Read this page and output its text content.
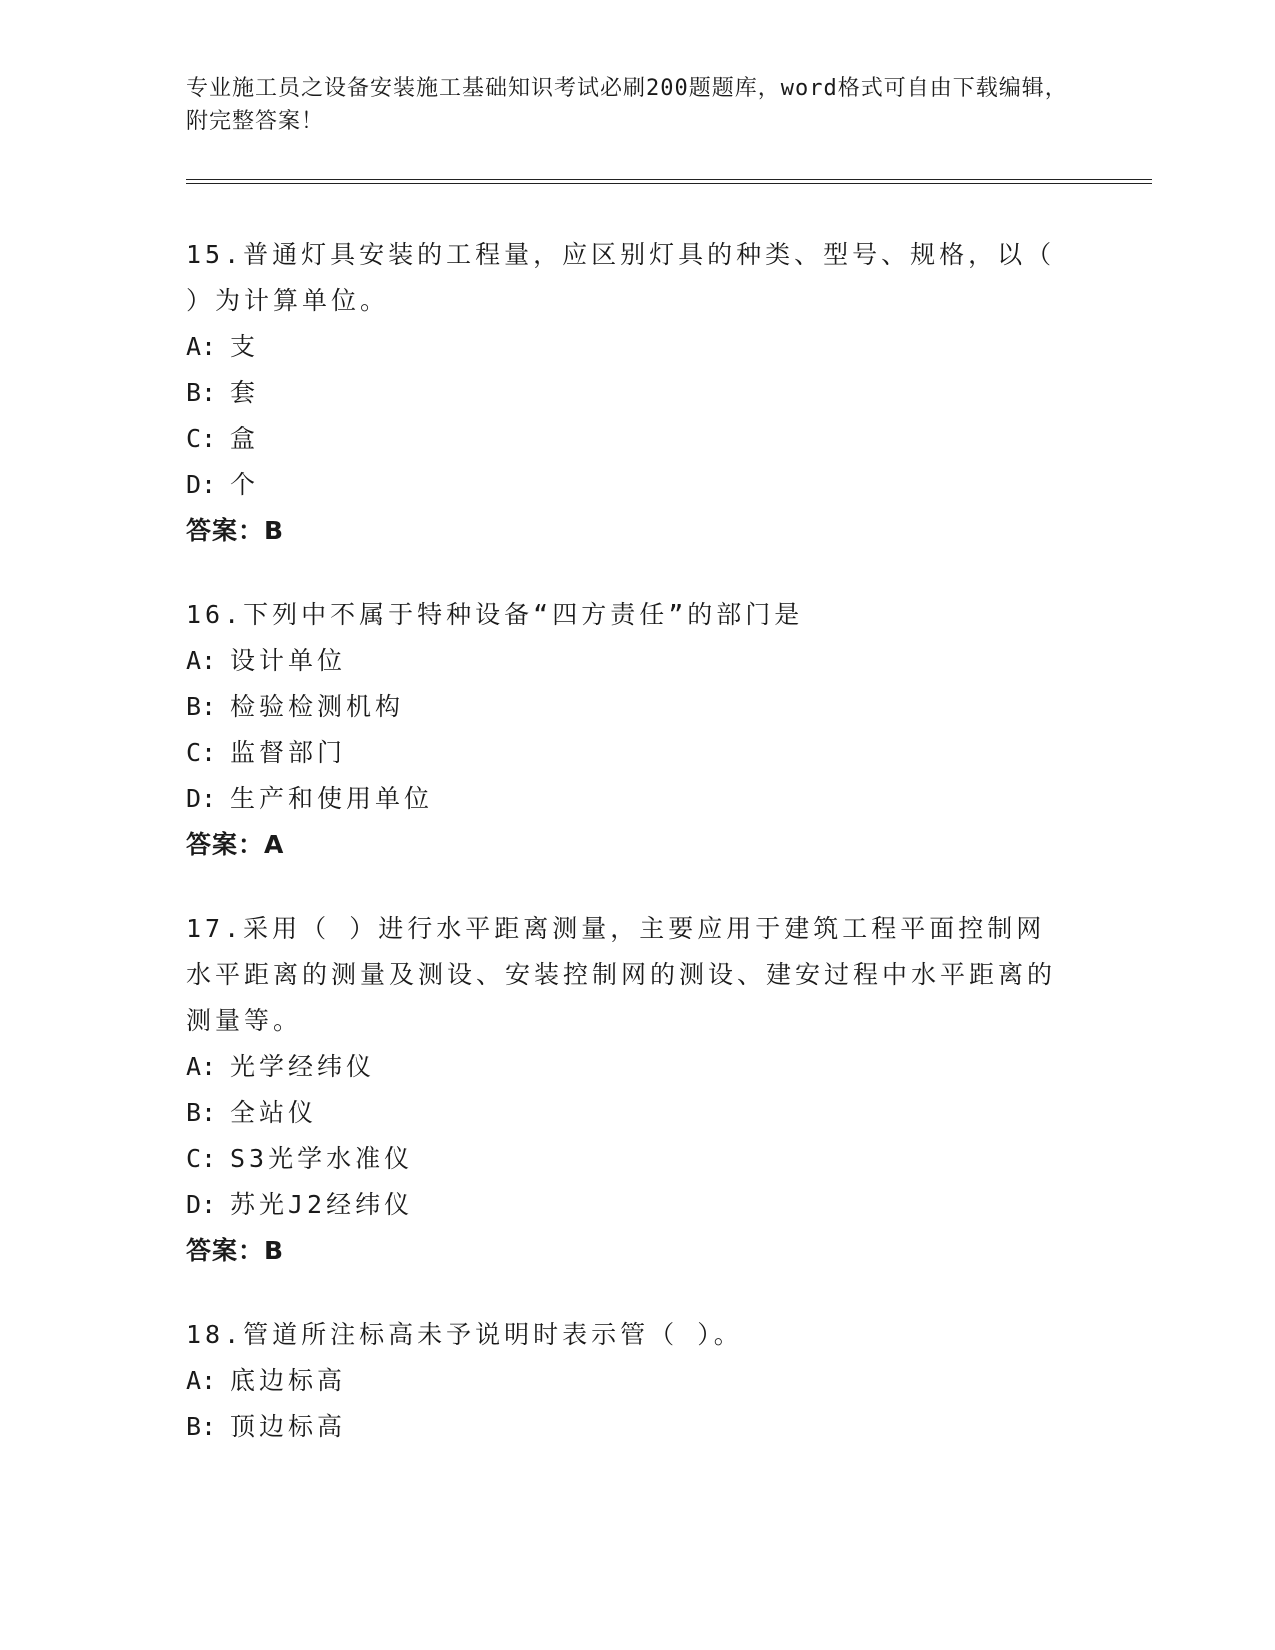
专业施工员之设备安装施工基础知识考试必刷200题题库，word格式可自由下载编辑，附完整答案！
15.普通灯具安装的工程量，应区别灯具的种类、型号、规格，以（ ）为计算单位。
A: 支
B: 套
C: 盒
D: 个
答案：B
16.下列中不属于特种设备“四方责任”的部门是
A: 设计单位
B: 检验检测机构
C: 监督部门
D: 生产和使用单位
答案：A
17.采用（ ）进行水平距离测量，主要应用于建筑工程平面控制网水平距离的测量及测设、安装控制网的测设、建安过程中水平距离的测量等。
A: 光学经纬仪
B: 全站仪
C: S3光学水准仪
D: 苏光J2经纬仪
答案：B
18.管道所注标高未予说明时表示管（ ）。
A: 底边标高
B: 顶边标高
